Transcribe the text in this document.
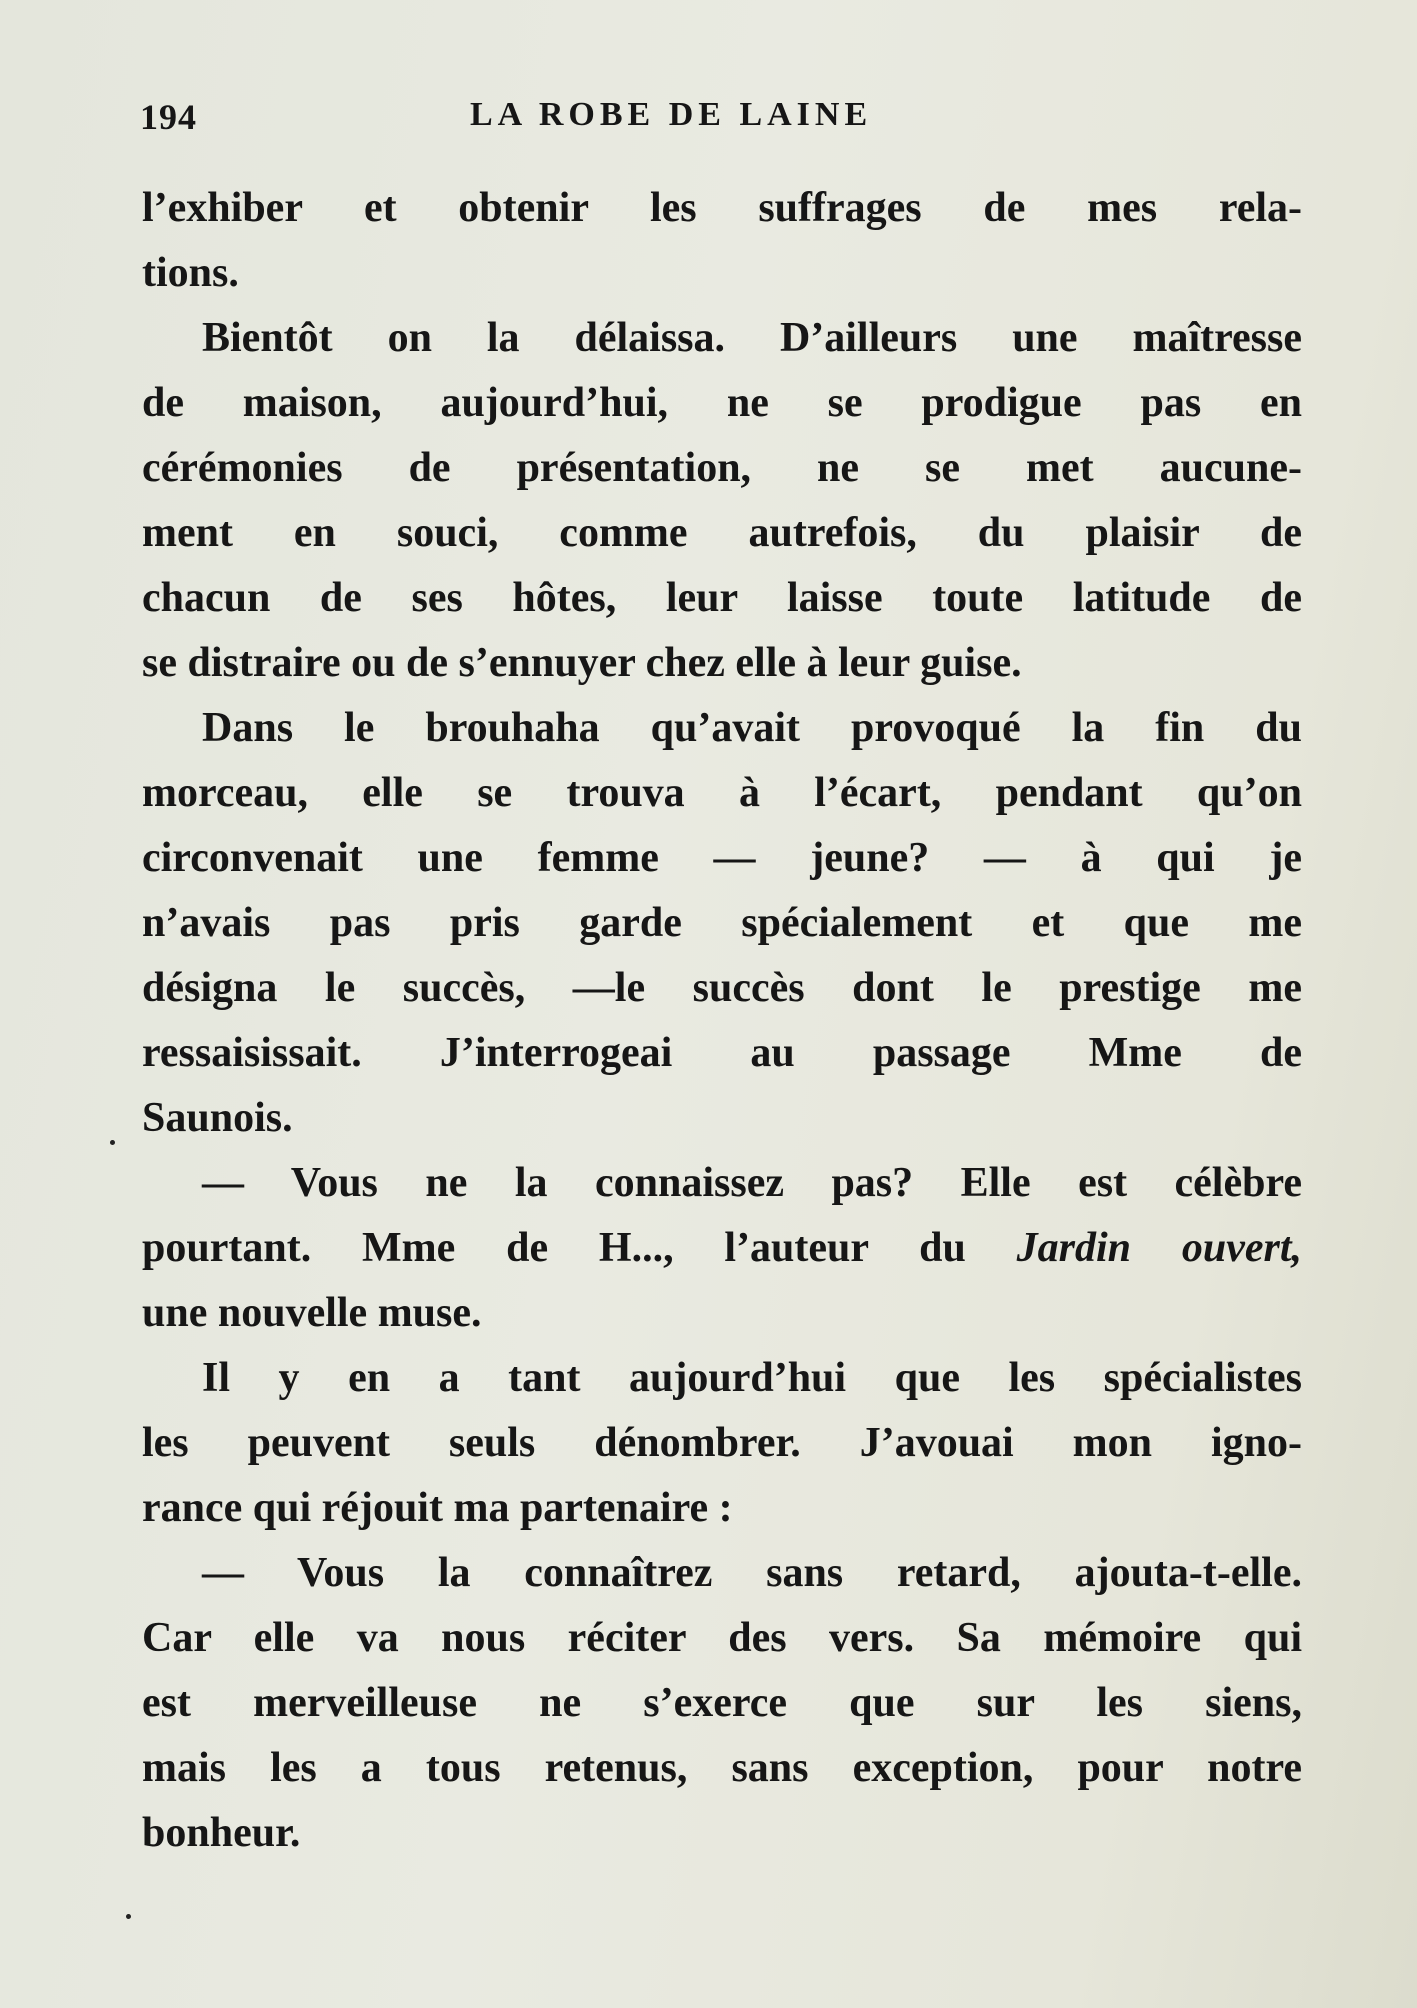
194	LA ROBE DE LAINE
l’exhiber et obtenir les suffrages de mes rela-
tions.
Bientôt on la délaissa. D’ailleurs une maîtresse
de maison, aujourd’hui, ne se prodigue pas en
cérémonies de présentation, ne se met aucune-
ment en souci, comme autrefois, du plaisir de
chacun de ses hôtes, leur laisse toute latitude de
se distraire ou de s’ennuyer chez elle à leur guise.
Dans le brouhaha qu’avait provoqué la fin du
morceau, elle se trouva à l’écart, pendant qu’on
circonvenait une femme — jeune? — à qui je
n’avais pas pris garde spécialement et que me
désigna le succès, —le succès dont le prestige me
ressaisissait. J’interrogeai au passage Mme de
Saunois.
— Vous ne la connaissez pas? Elle est célèbre
pourtant. Mme de H..., l’auteur du Jardin ouvert,
une nouvelle muse.
Il y en a tant aujourd’hui que les spécialistes
les peuvent seuls dénombrer. J’avouai mon igno-
rance qui réjouit ma partenaire :
— Vous la connaîtrez sans retard, ajouta-t-elle.
Car elle va nous réciter des vers. Sa mémoire qui
est merveilleuse ne s’exerce que sur les siens,
mais les a tous retenus, sans exception, pour notre
bonheur.
